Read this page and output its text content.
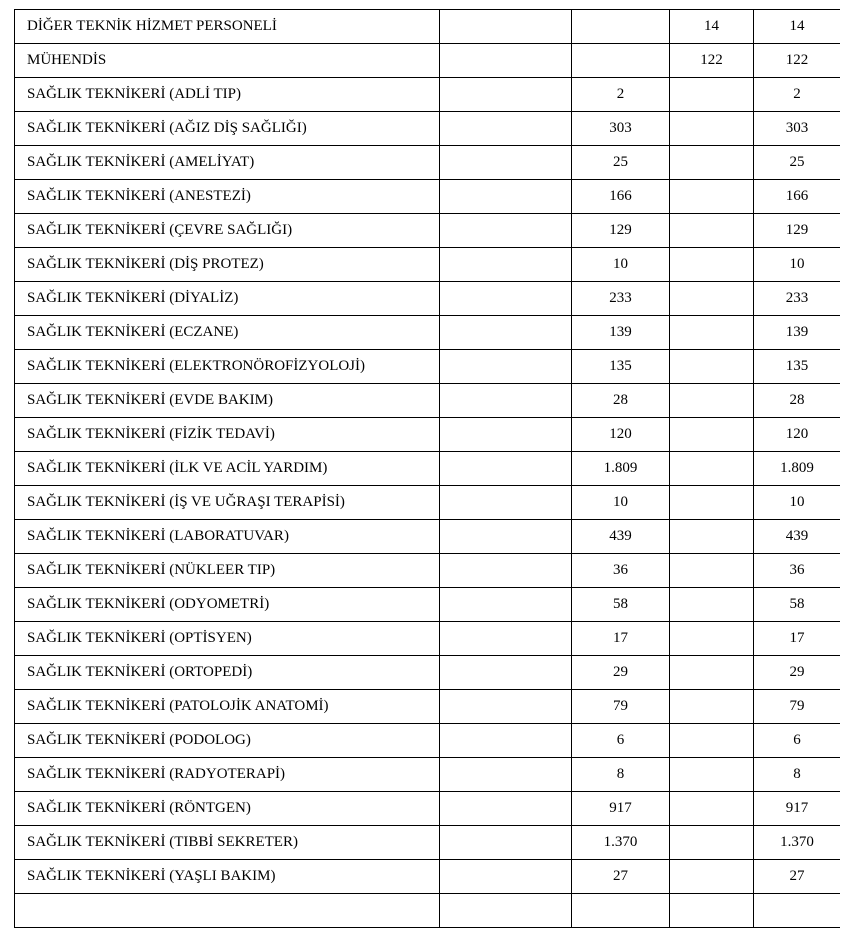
DİĞER TEKNİK HİZMET PERSONELİ			14	14
MÜHENDİS			122	122
SAĞLIK TEKNİKERİ (ADLİ TIP)		2		2
SAĞLIK TEKNİKERİ (AĞIZ DİŞ SAĞLIĞI)		303		303
SAĞLIK TEKNİKERİ (AMELİYAT)		25		25
SAĞLIK TEKNİKERİ (ANESTEZİ)		166		166
SAĞLIK TEKNİKERİ (ÇEVRE SAĞLIĞI)		129		129
SAĞLIK TEKNİKERİ (DİŞ PROTEZ)		10		10
SAĞLIK TEKNİKERİ (DİYALİZ)		233		233
SAĞLIK TEKNİKERİ (ECZANE)		139		139
SAĞLIK TEKNİKERİ (ELEKTRONÖROFİZYOLOJİ)		135		135
SAĞLIK TEKNİKERİ (EVDE BAKIM)		28		28
SAĞLIK TEKNİKERİ (FİZİK TEDAVİ)		120		120
SAĞLIK TEKNİKERİ (İLK VE ACİL YARDIM)		1.809		1.809
SAĞLIK TEKNİKERİ (İŞ VE UĞRAŞI TERAPİSİ)		10		10
SAĞLIK TEKNİKERİ (LABORATUVAR)		439		439
SAĞLIK TEKNİKERİ (NÜKLEER TIP)		36		36
SAĞLIK TEKNİKERİ (ODYOMETRİ)		58		58
SAĞLIK TEKNİKERİ (OPTİSYEN)		17		17
SAĞLIK TEKNİKERİ (ORTOPEDİ)		29		29
SAĞLIK TEKNİKERİ (PATOLOJİK ANATOMİ)		79		79
SAĞLIK TEKNİKERİ (PODOLOG)		6		6
SAĞLIK TEKNİKERİ (RADYOTERAPİ)		8		8
SAĞLIK TEKNİKERİ (RÖNTGEN)		917		917
SAĞLIK TEKNİKERİ (TIBBİ SEKRETER)		1.370		1.370
SAĞLIK TEKNİKERİ (YAŞLI BAKIM)		27		27
